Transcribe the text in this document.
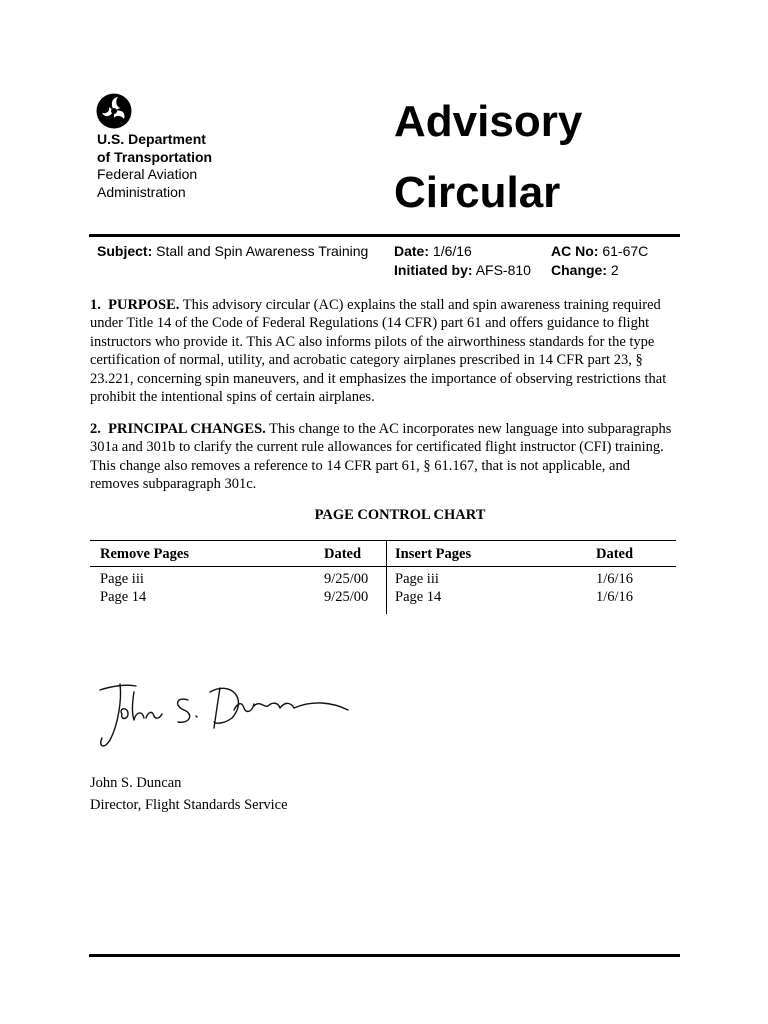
U.S. Department
of Transportation
Federal Aviation
Administration
Advisory
Circular
Subject: Stall and Spin Awareness Training Date: 1/6/16
Initiated by: AFS-810
AC No: 61-67C
Change: 2
1.  PURPOSE. This advisory circular (AC) explains the stall and spin awareness training required under Title 14 of the Code of Federal Regulations (14 CFR) part 61 and offers guidance to flight instructors who provide it. This AC also informs pilots of the airworthiness standards for the type certification of normal, utility, and acrobatic category airplanes prescribed in 14 CFR part 23, § 23.221, concerning spin maneuvers, and it emphasizes the importance of observing restrictions that prohibit the intentional spins of certain airplanes.
2.  PRINCIPAL CHANGES. This change to the AC incorporates new language into subparagraphs 301a and 301b to clarify the current rule allowances for certificated flight instructor (CFI) training. This change also removes a reference to 14 CFR part 61, § 61.167, that is not applicable, and removes subparagraph 301c.
PAGE CONTROL CHART
Remove Pages	Dated Insert Pages	Dated
Page iii	9/25/00 Page iii	1/6/16
Page 14	9/25/00 Page 14	1/6/16
John S. Duncan
Director, Flight Standards Service
